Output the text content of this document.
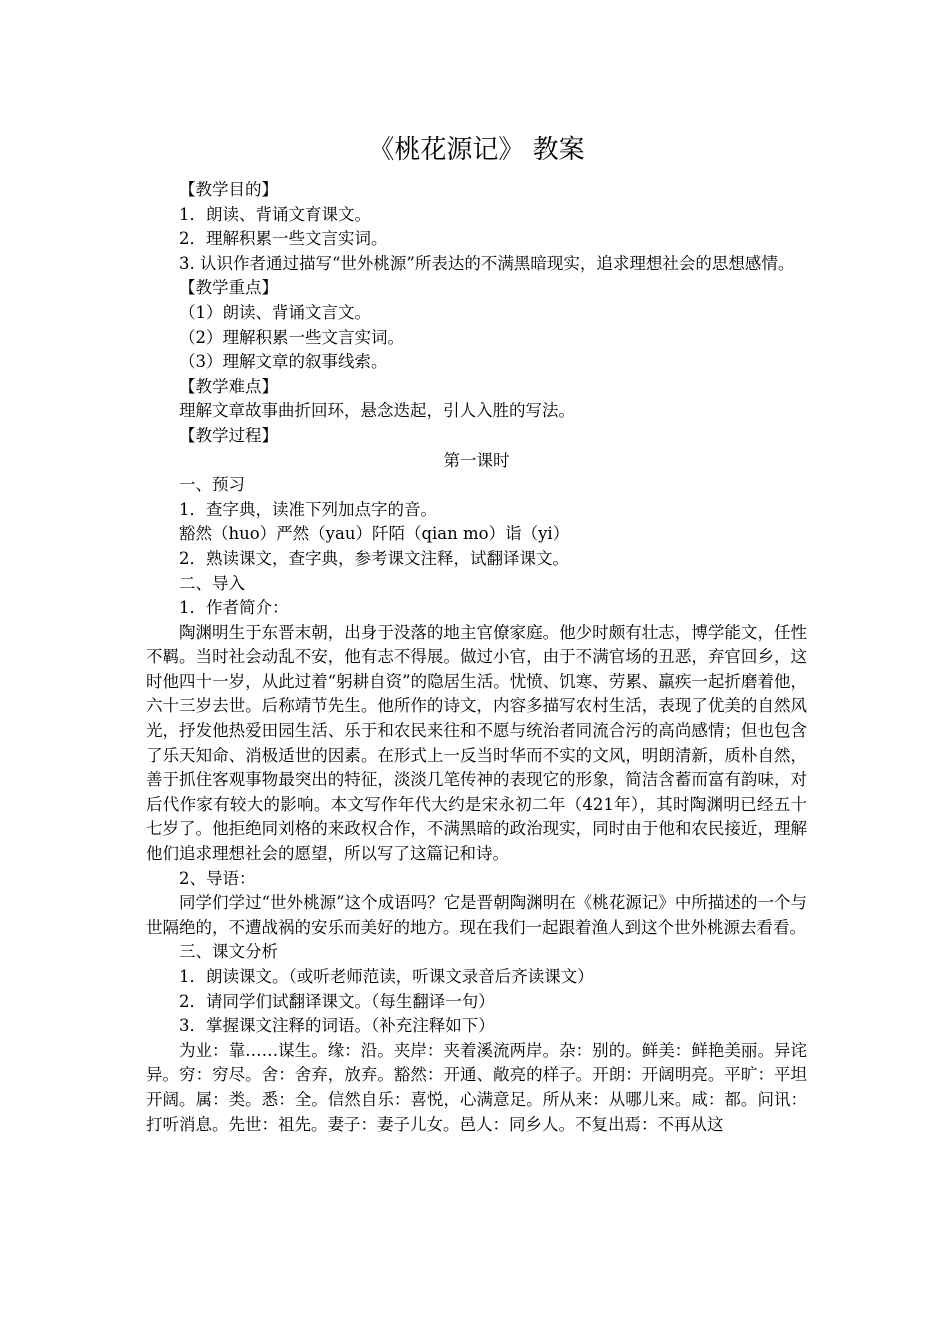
《桃花源记》 教案

【教学目的】

1．朗读、背诵文育课文。

2．理解积累一些文言实词。

3. 认识作者通过描写“世外桃源”所表达的不满黑暗现实，追求理想社会的思想感情。

【教学重点】

（1）朗读、背诵文言文。

（2）理解积累一些文言实词。

（3）理解文章的叙事线索。

【教学难点】

理解文章故事曲折回环，悬念迭起，引人入胜的写法。

【教学过程】

第一课时

一、预习

1．查字典，读准下列加点字的音。

豁然（huo）严然（yau）阡陌（qian mo）诣（yi）

2．熟读课文，查字典，参考课文注释，试翻译课文。

二、导入

1．作者简介：

陶渊明生于东晋末朝，出身于没落的地主官僚家庭。他少时颇有壮志，博学能文，任性不羁。当时社会动乱不安，他有志不得展。做过小官，由于不满官场的丑恶，弃官回乡，这时他四十一岁，从此过着“躬耕自资”的隐居生活。忧愤、饥寒、劳累、羸疾一起折磨着他，六十三岁去世。后称靖节先生。他所作的诗文，内容多描写农村生活，表现了优美的自然风光，抒发他热爱田园生活、乐于和农民来往和不愿与统治者同流合污的高尚感情；但也包含了乐天知命、消极适世的因素。在形式上一反当时华而不实的文风，明朗清新，质朴自然，善于抓住客观事物最突出的特征，淡淡几笔传神的表现它的形象，简洁含蓄而富有韵味，对后代作家有较大的影响。本文写作年代大约是宋永初二年（421年），其时陶渊明已经五十七岁了。他拒绝同刘格的来政权合作，不满黑暗的政治现实，同时由于他和农民接近，理解他们追求理想社会的愿望，所以写了这篇记和诗。

2、导语：

同学们学过“世外桃源”这个成语吗？它是晋朝陶渊明在《桃花源记》中所描述的一个与世隔绝的，不遭战祸的安乐而美好的地方。现在我们一起跟着渔人到这个世外桃源去看看。

三、课文分析

1．朗读课文。（或听老师范读，听课文录音后齐读课文）

2．请同学们试翻译课文。（每生翻译一句）

3．掌握课文注释的词语。（补充注释如下）

为业：靠……谋生。缘：沿。夹岸：夹着溪流两岸。杂：别的。鲜美：鲜艳美丽。异诧异。穷：穷尽。舍：舍弃，放弃。豁然：开通、敞亮的样子。开朗：开阔明亮。平旷：平坦开阔。属：类。悉：全。信然自乐：喜悦，心满意足。所从来：从哪儿来。咸：都。问讯：打听消息。先世：祖先。妻子：妻子儿女。邑人：同乡人。不复出焉：不再从这
